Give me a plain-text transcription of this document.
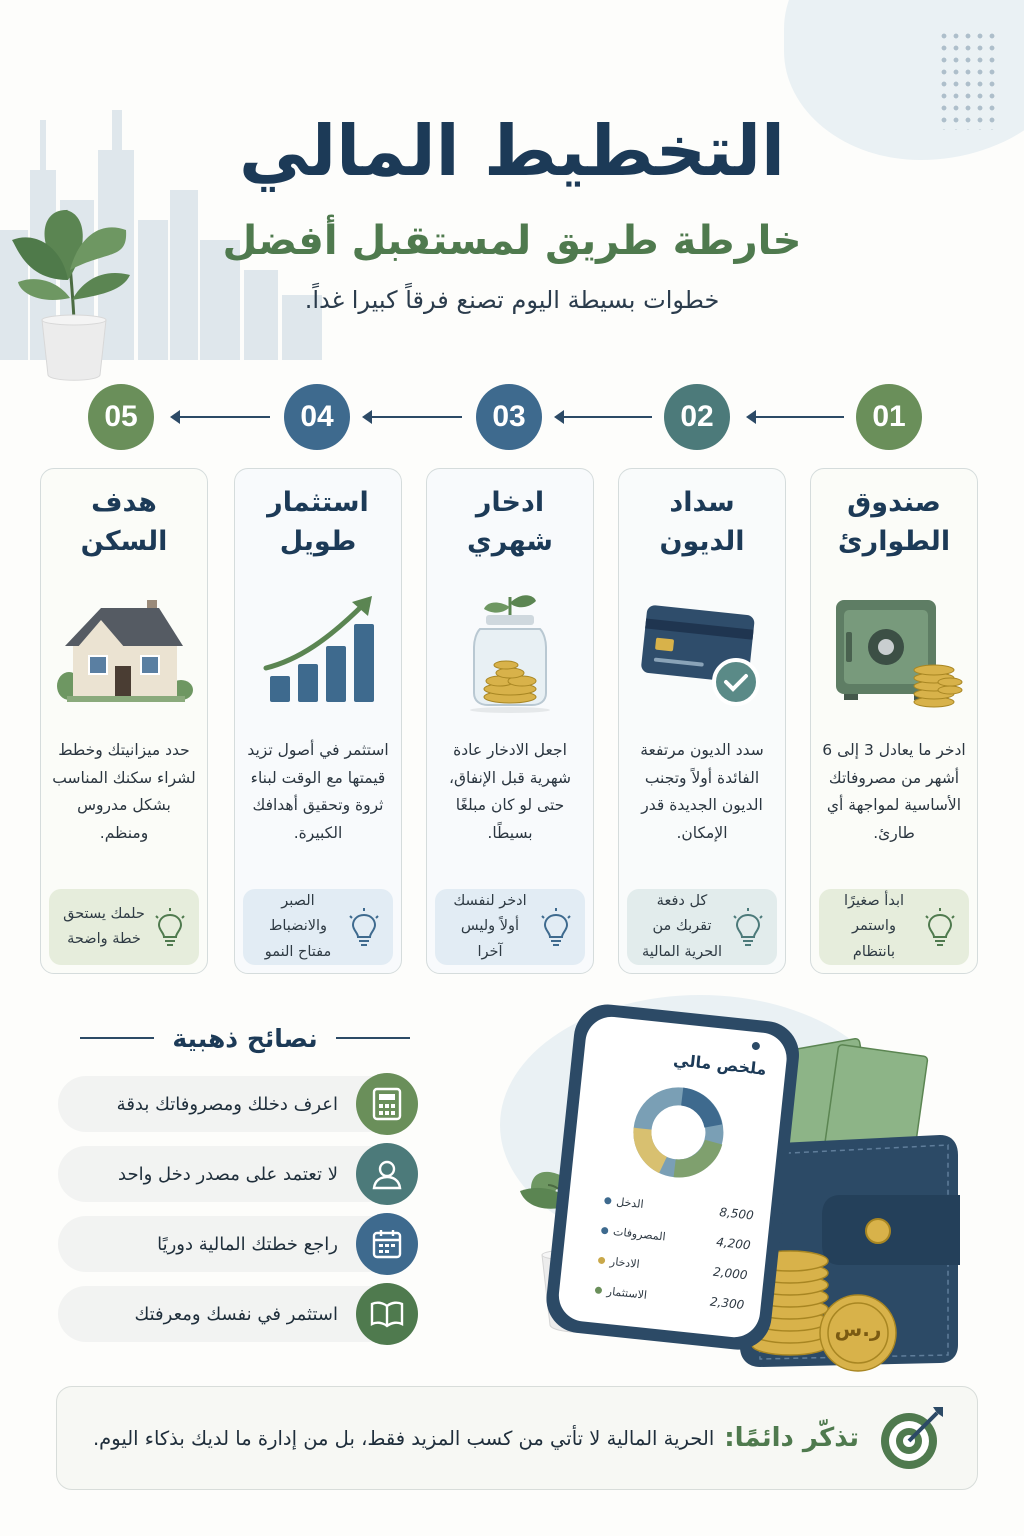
التخطيط المالي
خارطة طريق لمستقبل أفضل
خطوات بسيطة اليوم تصنع فرقاً كبيرا غداً.
01
02
03
04
05
صندوق الطوارئ
ادخر ما يعادل 3 إلى 6 أشهر من مصروفاتك الأساسية لمواجهة أي طارئ.
ابدأ صغيرًا واستمر بانتظام
سداد الديون
سدد الديون مرتفعة الفائدة أولاً وتجنب الديون الجديدة قدر الإمكان.
كل دفعة تقربك من الحرية المالية
ادخار شهري
اجعل الادخار عادة شهرية قبل الإنفاق، حتى لو كان مبلغًا بسيطًا.
ادخر لنفسك أولاً وليس آخرا
استثمار طويل
استثمر في أصول تزيد قيمتها مع الوقت لبناء ثروة وتحقيق أهدافك الكبيرة.
الصبر والانضباط مفتاح النمو
هدف السكن
حدد ميزانيتك وخطط لشراء سكنك المناسب بشكل مدروس ومنظم.
حلمك يستحق خطة واضحة
نصائح ذهبية
اعرف دخلك ومصروفاتك بدقة
لا تعتمد على مصدر دخل واحد
راجع خطتك المالية دوريًا
استثمر في نفسك ومعرفتك
ملخص مالي
الدخل
8,500
المصروفات
4,200
الادخار
2,000
الاستثمار
2,300
ر.س
تذكّر دائمًا:
الحرية المالية لا تأتي من كسب المزيد فقط، بل من إدارة ما لديك بذكاء اليوم.
